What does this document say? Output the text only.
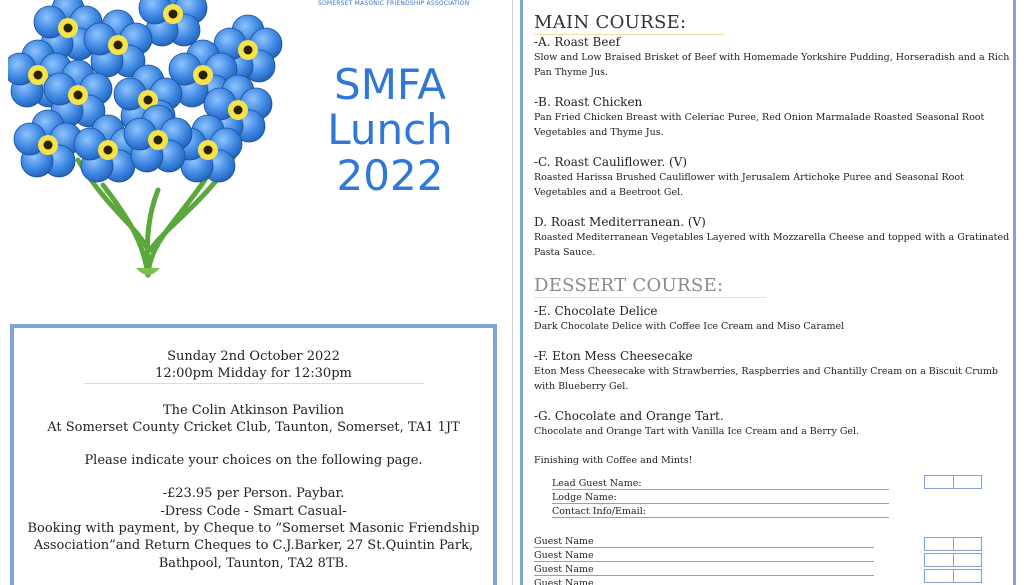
SOMERSET MASONIC FRIENDSHIP ASSOCIATION
SMFA
Lunch
2022

Sunday 2nd October 2022

12:00pm Midday for 12:30pm

The Colin Atkinson Pavilion

At Somerset County Cricket Club, Taunton, Somerset, TA1 1JT

Please indicate your choices on the following page.

-£23.95 per Person. Paybar.

-Dress Code - Smart Casual-

Booking with payment, by Cheque to “Somerset Masonic Friendship

Association”and Return Cheques to C.J.Barker, 27 St.Quintin Park,

Bathpool, Taunton, TA2 8TB.

MAIN COURSE:
-A. Roast Beef
Slow and Low Braised Brisket of Beef with Homemade Yorkshire Pudding, Horseradish and a Rich Pan Thyme Jus.
-B. Roast Chicken
Pan Fried Chicken Breast with Celeriac Puree, Red Onion Marmalade Roasted Seasonal Root Vegetables and Thyme Jus.
-C. Roast Cauliflower. (V)
Roasted Harissa Brushed Cauliflower with Jerusalem Artichoke Puree and Seasonal Root Vegetables and a Beetroot Gel.
D. Roast Mediterranean. (V)
Roasted Mediterranean Vegetables Layered with Mozzarella Cheese and topped with a Gratinated Pasta Sauce.
DESSERT COURSE:
-E. Chocolate Delice
Dark Chocolate Delice with Coffee Ice Cream and Miso Caramel
-F. Eton Mess Cheesecake
Eton Mess Cheesecake with Strawberries, Raspberries and Chantilly Cream on a Biscuit Crumb with Blueberry Gel.
-G. Chocolate and Orange Tart.
Chocolate and Orange Tart with Vanilla Ice Cream and a Berry Gel.
Finishing with Coffee and Mints!
Lead Guest Name:
Lodge Name:
Contact Info/Email:
Guest Name
Guest Name
Guest Name
Guest Name
